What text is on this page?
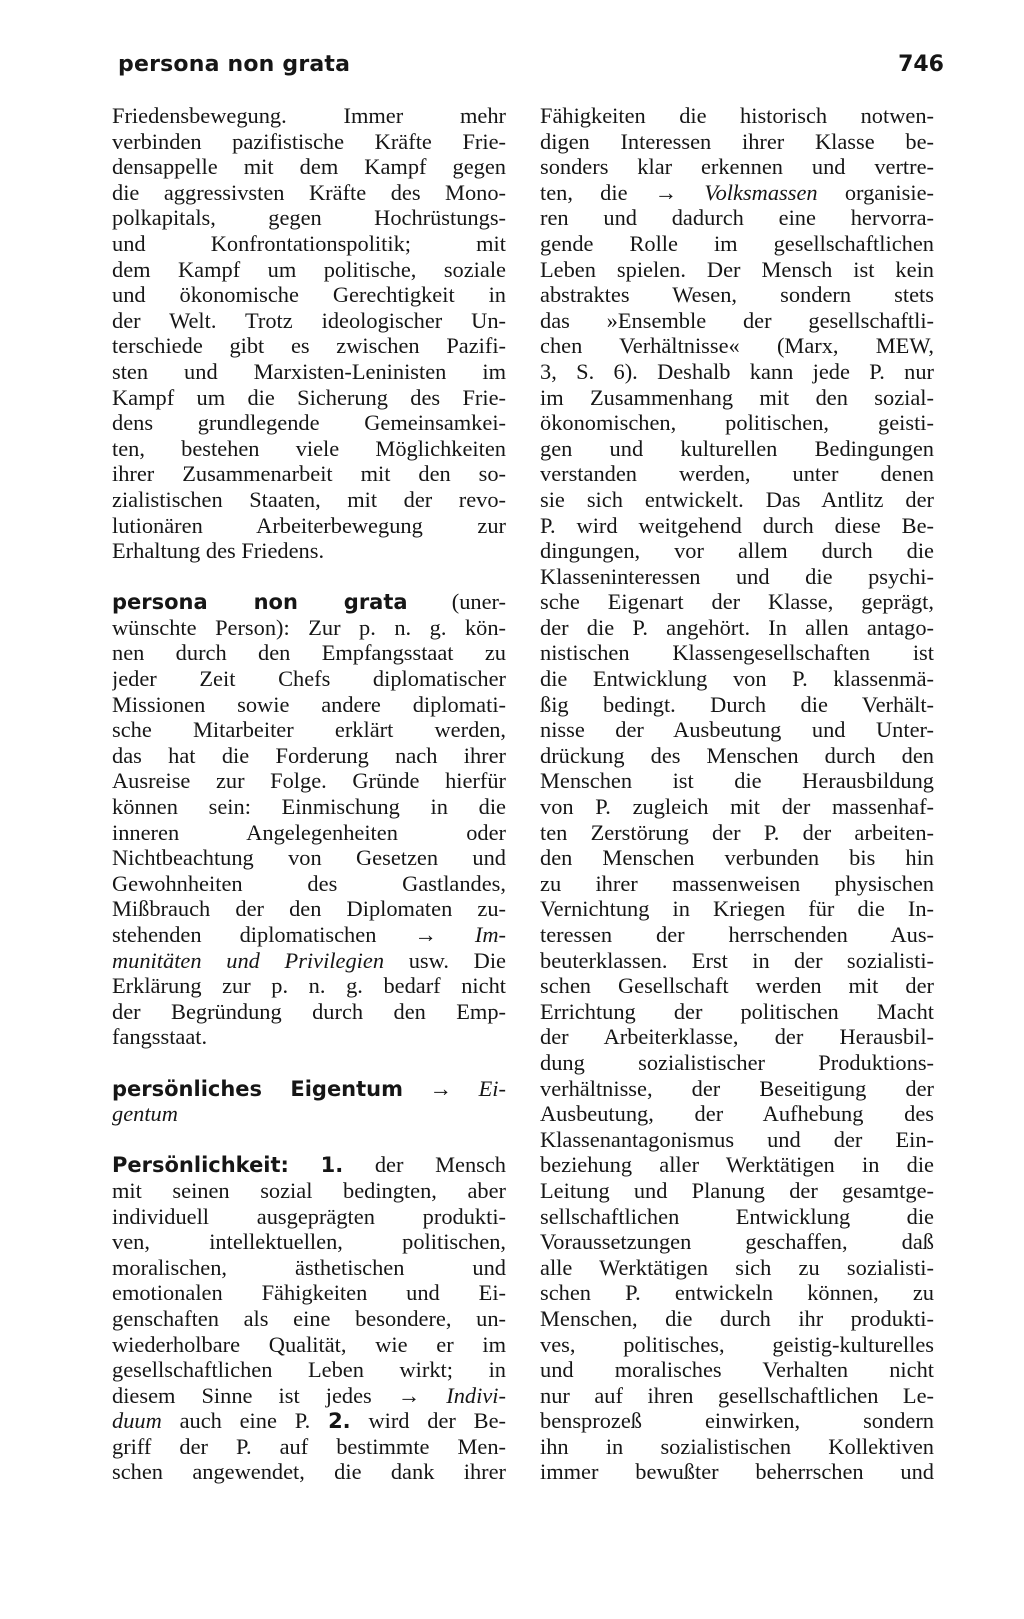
persona non grata	746
Friedensbewegung. Immer mehr
verbinden pazifistische Kräfte Frie-
densappelle mit dem Kampf gegen
die aggressivsten Kräfte des Mono-
polkapitals, gegen Hochrüstungs-
und Konfrontationspolitik; mit
dem Kampf um politische, soziale
und ökonomische Gerechtigkeit in
der Welt. Trotz ideologischer Un-
terschiede gibt es zwischen Pazifi-
sten und Marxisten-Leninisten im
Kampf um die Sicherung des Frie-
dens grundlegende Gemeinsamkei-
ten, bestehen viele Möglichkeiten
ihrer Zusammenarbeit mit den so-
zialistischen Staaten, mit der revo-
lutionären Arbeiterbewegung zur
Erhaltung des Friedens.
persona non grata (uner-
wünschte Person): Zur p. n. g. kön-
nen durch den Empfangsstaat zu
jeder Zeit Chefs diplomatischer
Missionen sowie andere diplomati-
sche Mitarbeiter erklärt werden,
das hat die Forderung nach ihrer
Ausreise zur Folge. Gründe hierfür
können sein: Einmischung in die
inneren Angelegenheiten oder
Nichtbeachtung von Gesetzen und
Gewohnheiten des Gastlandes,
Mißbrauch der den Diplomaten zu-
stehenden diplomatischen → Im-
munitäten und Privilegien usw. Die
Erklärung zur p. n. g. bedarf nicht
der Begründung durch den Emp-
fangsstaat.
persönliches Eigentum → Ei-
gentum
Persönlichkeit: 1. der Mensch
mit seinen sozial bedingten, aber
individuell ausgeprägten produkti-
ven, intellektuellen, politischen,
moralischen, ästhetischen und
emotionalen Fähigkeiten und Ei-
genschaften als eine besondere, un-
wiederholbare Qualität, wie er im
gesellschaftlichen Leben wirkt; in
diesem Sinne ist jedes → Indivi-
duum auch eine P. 2. wird der Be-
griff der P. auf bestimmte Men-
schen angewendet, die dank ihrer
Fähigkeiten die historisch notwen-
digen Interessen ihrer Klasse be-
sonders klar erkennen und vertre-
ten, die → Volksmassen organisie-
ren und dadurch eine hervorra-
gende Rolle im gesellschaftlichen
Leben spielen. Der Mensch ist kein
abstraktes Wesen, sondern stets
das »Ensemble der gesellschaftli-
chen Verhältnisse« (Marx, MEW,
3, S. 6). Deshalb kann jede P. nur
im Zusammenhang mit den sozial-
ökonomischen, politischen, geisti-
gen und kulturellen Bedingungen
verstanden werden, unter denen
sie sich entwickelt. Das Antlitz der
P. wird weitgehend durch diese Be-
dingungen, vor allem durch die
Klasseninteressen und die psychi-
sche Eigenart der Klasse, geprägt,
der die P. angehört. In allen antago-
nistischen Klassengesellschaften ist
die Entwicklung von P. klassenmä-
ßig bedingt. Durch die Verhält-
nisse der Ausbeutung und Unter-
drückung des Menschen durch den
Menschen ist die Herausbildung
von P. zugleich mit der massenhaf-
ten Zerstörung der P. der arbeiten-
den Menschen verbunden bis hin
zu ihrer massenweisen physischen
Vernichtung in Kriegen für die In-
teressen der herrschenden Aus-
beuterklassen. Erst in der sozialisti-
schen Gesellschaft werden mit der
Errichtung der politischen Macht
der Arbeiterklasse, der Herausbil-
dung sozialistischer Produktions-
verhältnisse, der Beseitigung der
Ausbeutung, der Aufhebung des
Klassenantagonismus und der Ein-
beziehung aller Werktätigen in die
Leitung und Planung der gesamtge-
sellschaftlichen Entwicklung die
Voraussetzungen geschaffen, daß
alle Werktätigen sich zu sozialisti-
schen P. entwickeln können, zu
Menschen, die durch ihr produkti-
ves, politisches, geistig-kulturelles
und moralisches Verhalten nicht
nur auf ihren gesellschaftlichen Le-
bensprozeß einwirken, sondern
ihn in sozialistischen Kollektiven
immer bewußter beherrschen und
